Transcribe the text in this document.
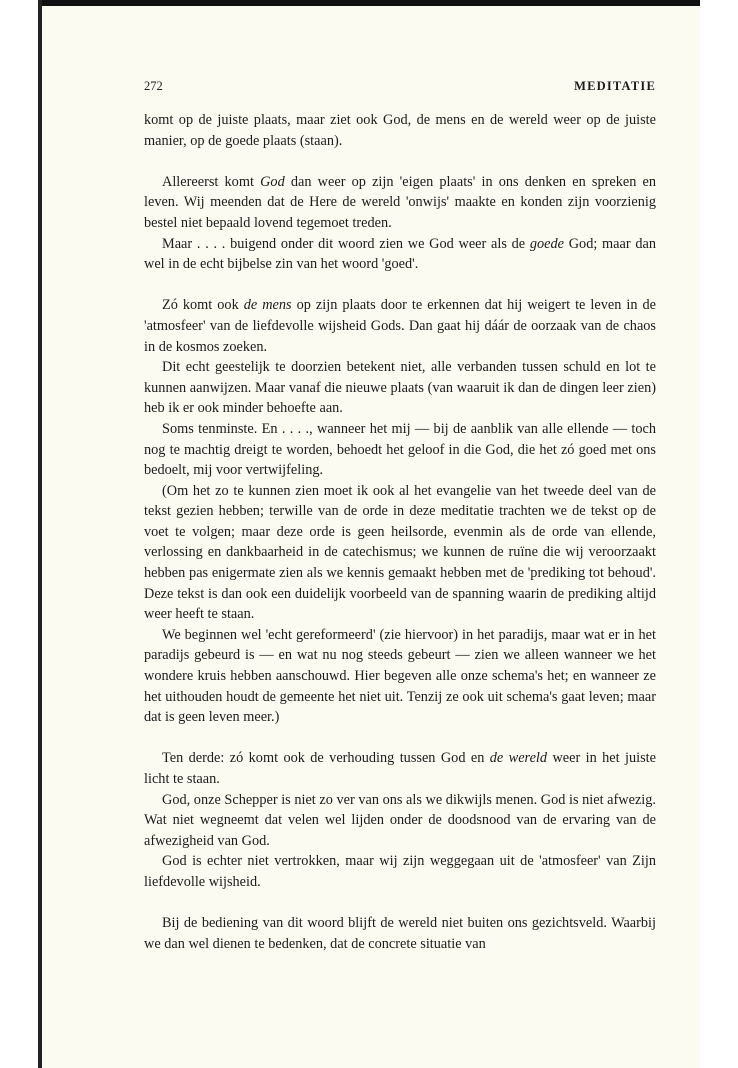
272	MEDITATIE

komt op de juiste plaats, maar ziet ook God, de mens en de wereld weer op de juiste manier, op de goede plaats (staan).

Allereerst komt God dan weer op zijn 'eigen plaats' in ons denken en spreken en leven. Wij meenden dat de Here de wereld 'onwijs' maakte en konden zijn voorzienig bestel niet bepaald lovend tegemoet treden.

Maar . . . . buigend onder dit woord zien we God weer als de goede God; maar dan wel in de echt bijbelse zin van het woord 'goed'.

Zó komt ook de mens op zijn plaats door te erkennen dat hij weigert te leven in de 'atmosfeer' van de liefdevolle wijsheid Gods. Dan gaat hij dáár de oorzaak van de chaos in de kosmos zoeken.

Dit echt geestelijk te doorzien betekent niet, alle verbanden tussen schuld en lot te kunnen aanwijzen. Maar vanaf die nieuwe plaats (van waaruit ik dan de dingen leer zien) heb ik er ook minder behoefte aan.

Soms tenminste. En . . . ., wanneer het mij — bij de aanblik van alle ellende — toch nog te machtig dreigt te worden, behoedt het geloof in die God, die het zó goed met ons bedoelt, mij voor vertwijfeling.

(Om het zo te kunnen zien moet ik ook al het evangelie van het tweede deel van de tekst gezien hebben; terwille van de orde in deze meditatie trachten we de tekst op de voet te volgen; maar deze orde is geen heilsorde, evenmin als de orde van ellende, verlossing en dankbaarheid in de catechismus; we kunnen de ruïne die wij veroorzaakt hebben pas enigermate zien als we kennis gemaakt hebben met de 'prediking tot behoud'. Deze tekst is dan ook een duidelijk voorbeeld van de spanning waarin de prediking altijd weer heeft te staan.

We beginnen wel 'echt gereformeerd' (zie hiervoor) in het paradijs, maar wat er in het paradijs gebeurd is — en wat nu nog steeds gebeurt — zien we alleen wanneer we het wondere kruis hebben aanschouwd. Hier begeven alle onze schema's het; en wanneer ze het uithouden houdt de gemeente het niet uit. Tenzij ze ook uit schema's gaat leven; maar dat is geen leven meer.)

Ten derde: zó komt ook de verhouding tussen God en de wereld weer in het juiste licht te staan.

God, onze Schepper is niet zo ver van ons als we dikwijls menen. God is niet afwezig. Wat niet wegneemt dat velen wel lijden onder de doodsnood van de ervaring van de afwezigheid van God.

God is echter niet vertrokken, maar wij zijn weggegaan uit de 'atmosfeer' van Zijn liefdevolle wijsheid.

Bij de bediening van dit woord blijft de wereld niet buiten ons gezichtsveld. Waarbij we dan wel dienen te bedenken, dat de concrete situatie van
